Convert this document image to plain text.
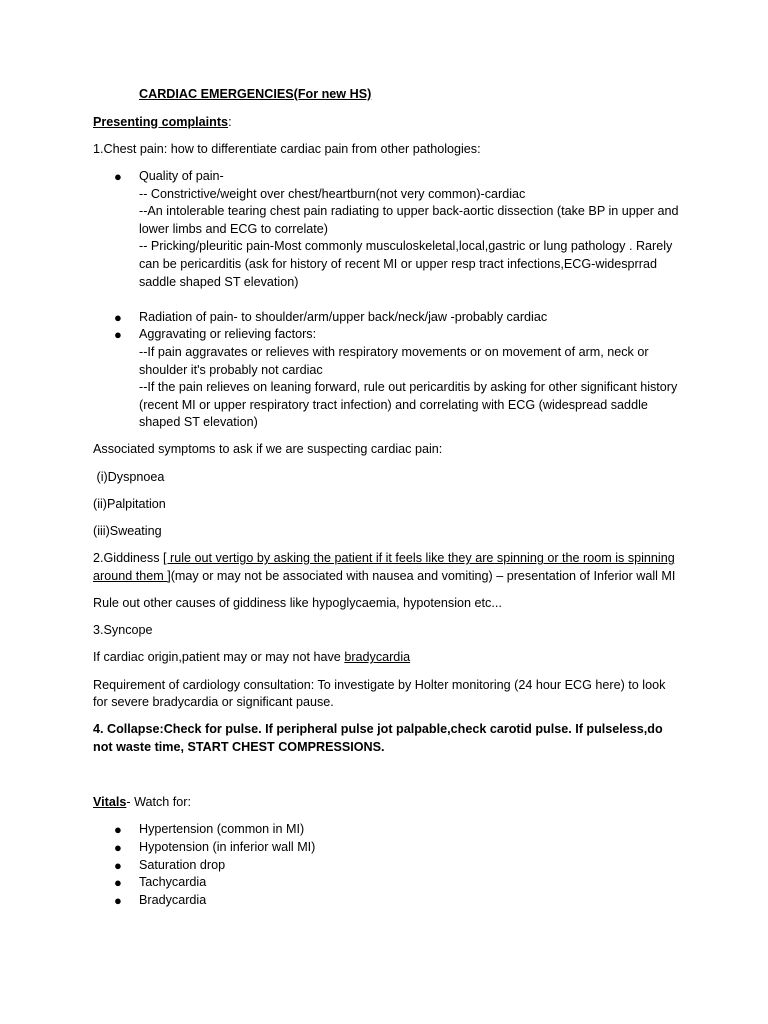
CARDIAC EMERGENCIES(For new HS)

Presenting complaints:

1.Chest pain: how to differentiate cardiac pain from other pathologies:

● Quality of pain-
-- Constrictive/weight over chest/heartburn(not very common)-cardiac
--An intolerable tearing chest pain radiating to upper back-aortic dissection (take BP in upper and lower limbs and ECG to correlate)
-- Pricking/pleuritic pain-Most commonly musculoskeletal,local,gastric or lung pathology . Rarely can be pericarditis (ask for history of recent MI or upper resp tract infections,ECG-widesprrad saddle shaped ST elevation)
● Radiation of pain- to shoulder/arm/upper back/neck/jaw -probably cardiac
● Aggravating or relieving factors:
--If pain aggravates or relieves with respiratory movements or on movement of arm, neck or shoulder it's probably not cardiac
--If the pain relieves on leaning forward, rule out pericarditis by asking for other significant history (recent MI or upper respiratory tract infection) and correlating with ECG (widespread saddle shaped ST elevation)

Associated symptoms to ask if we are suspecting cardiac pain:

(i)Dyspnoea

(ii)Palpitation

(iii)Sweating

2.Giddiness [ rule out vertigo by asking the patient if it feels like they are spinning or the room is spinning around them ](may or may not be associated with nausea and vomiting) – presentation of Inferior wall MI

Rule out other causes of giddiness like hypoglycaemia, hypotension etc...

3.Syncope

If cardiac origin,patient may or may not have bradycardia

Requirement of cardiology consultation: To investigate by Holter monitoring (24 hour ECG here) to look for severe bradycardia or significant pause.

4. Collapse:Check for pulse. If peripheral pulse jot palpable,check carotid pulse. If pulseless,do not waste time, START CHEST COMPRESSIONS.

Vitals- Watch for:

● Hypertension (common in MI)
● Hypotension (in inferior wall MI)
● Saturation drop
● Tachycardia
● Bradycardia
